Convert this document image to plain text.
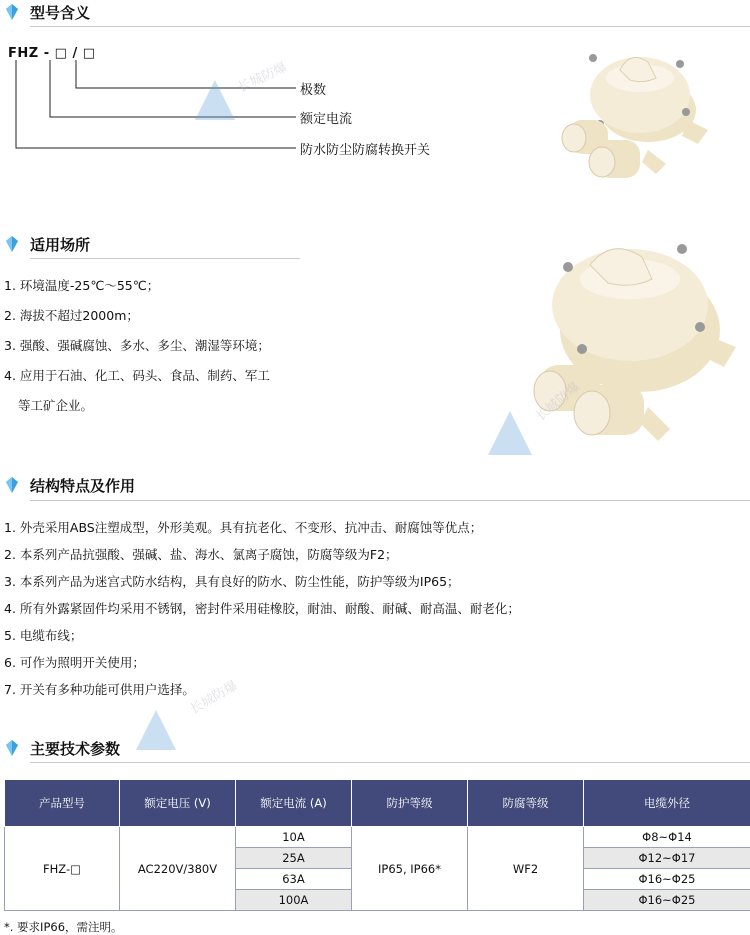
型号含义
FHZ - □ / □
极数
额定电流
防水防尘防腐转换开关
长城防爆
适用场所
1. 环境温度-25℃～55℃；
2. 海拔不超过2000m；
3. 强酸、强碱腐蚀、多水、多尘、潮湿等环境；
4. 应用于石油、化工、码头、食品、制药、军工
等工矿企业。	长城防爆
结构特点及作用
1. 外壳采用ABS注塑成型，外形美观。具有抗老化、不变形、抗冲击、耐腐蚀等优点；
2. 本系列产品抗强酸、强碱、盐、海水、氯离子腐蚀，防腐等级为F2；
3. 本系列产品为迷宫式防水结构，具有良好的防水、防尘性能，防护等级为IP65；
4. 所有外露紧固件均采用不锈钢，密封件采用硅橡胶，耐油、耐酸、耐碱、耐高温、耐老化；
5. 电缆布线；
6. 可作为照明开关使用；
7. 开关有多种功能可供用户选择。
长城防爆
主要技术参数
产品型号	额定电压 (V)	额定电流 (A)	防护等级	防腐等级	电缆外径
FHZ-□	AC220V/380V	10A	IP65, IP66*	WF2	Φ8~Φ14
		25A			Φ12~Φ17
		63A			Φ16~Φ25
		100A			Φ16~Φ25
*. 要求IP66，需注明。
